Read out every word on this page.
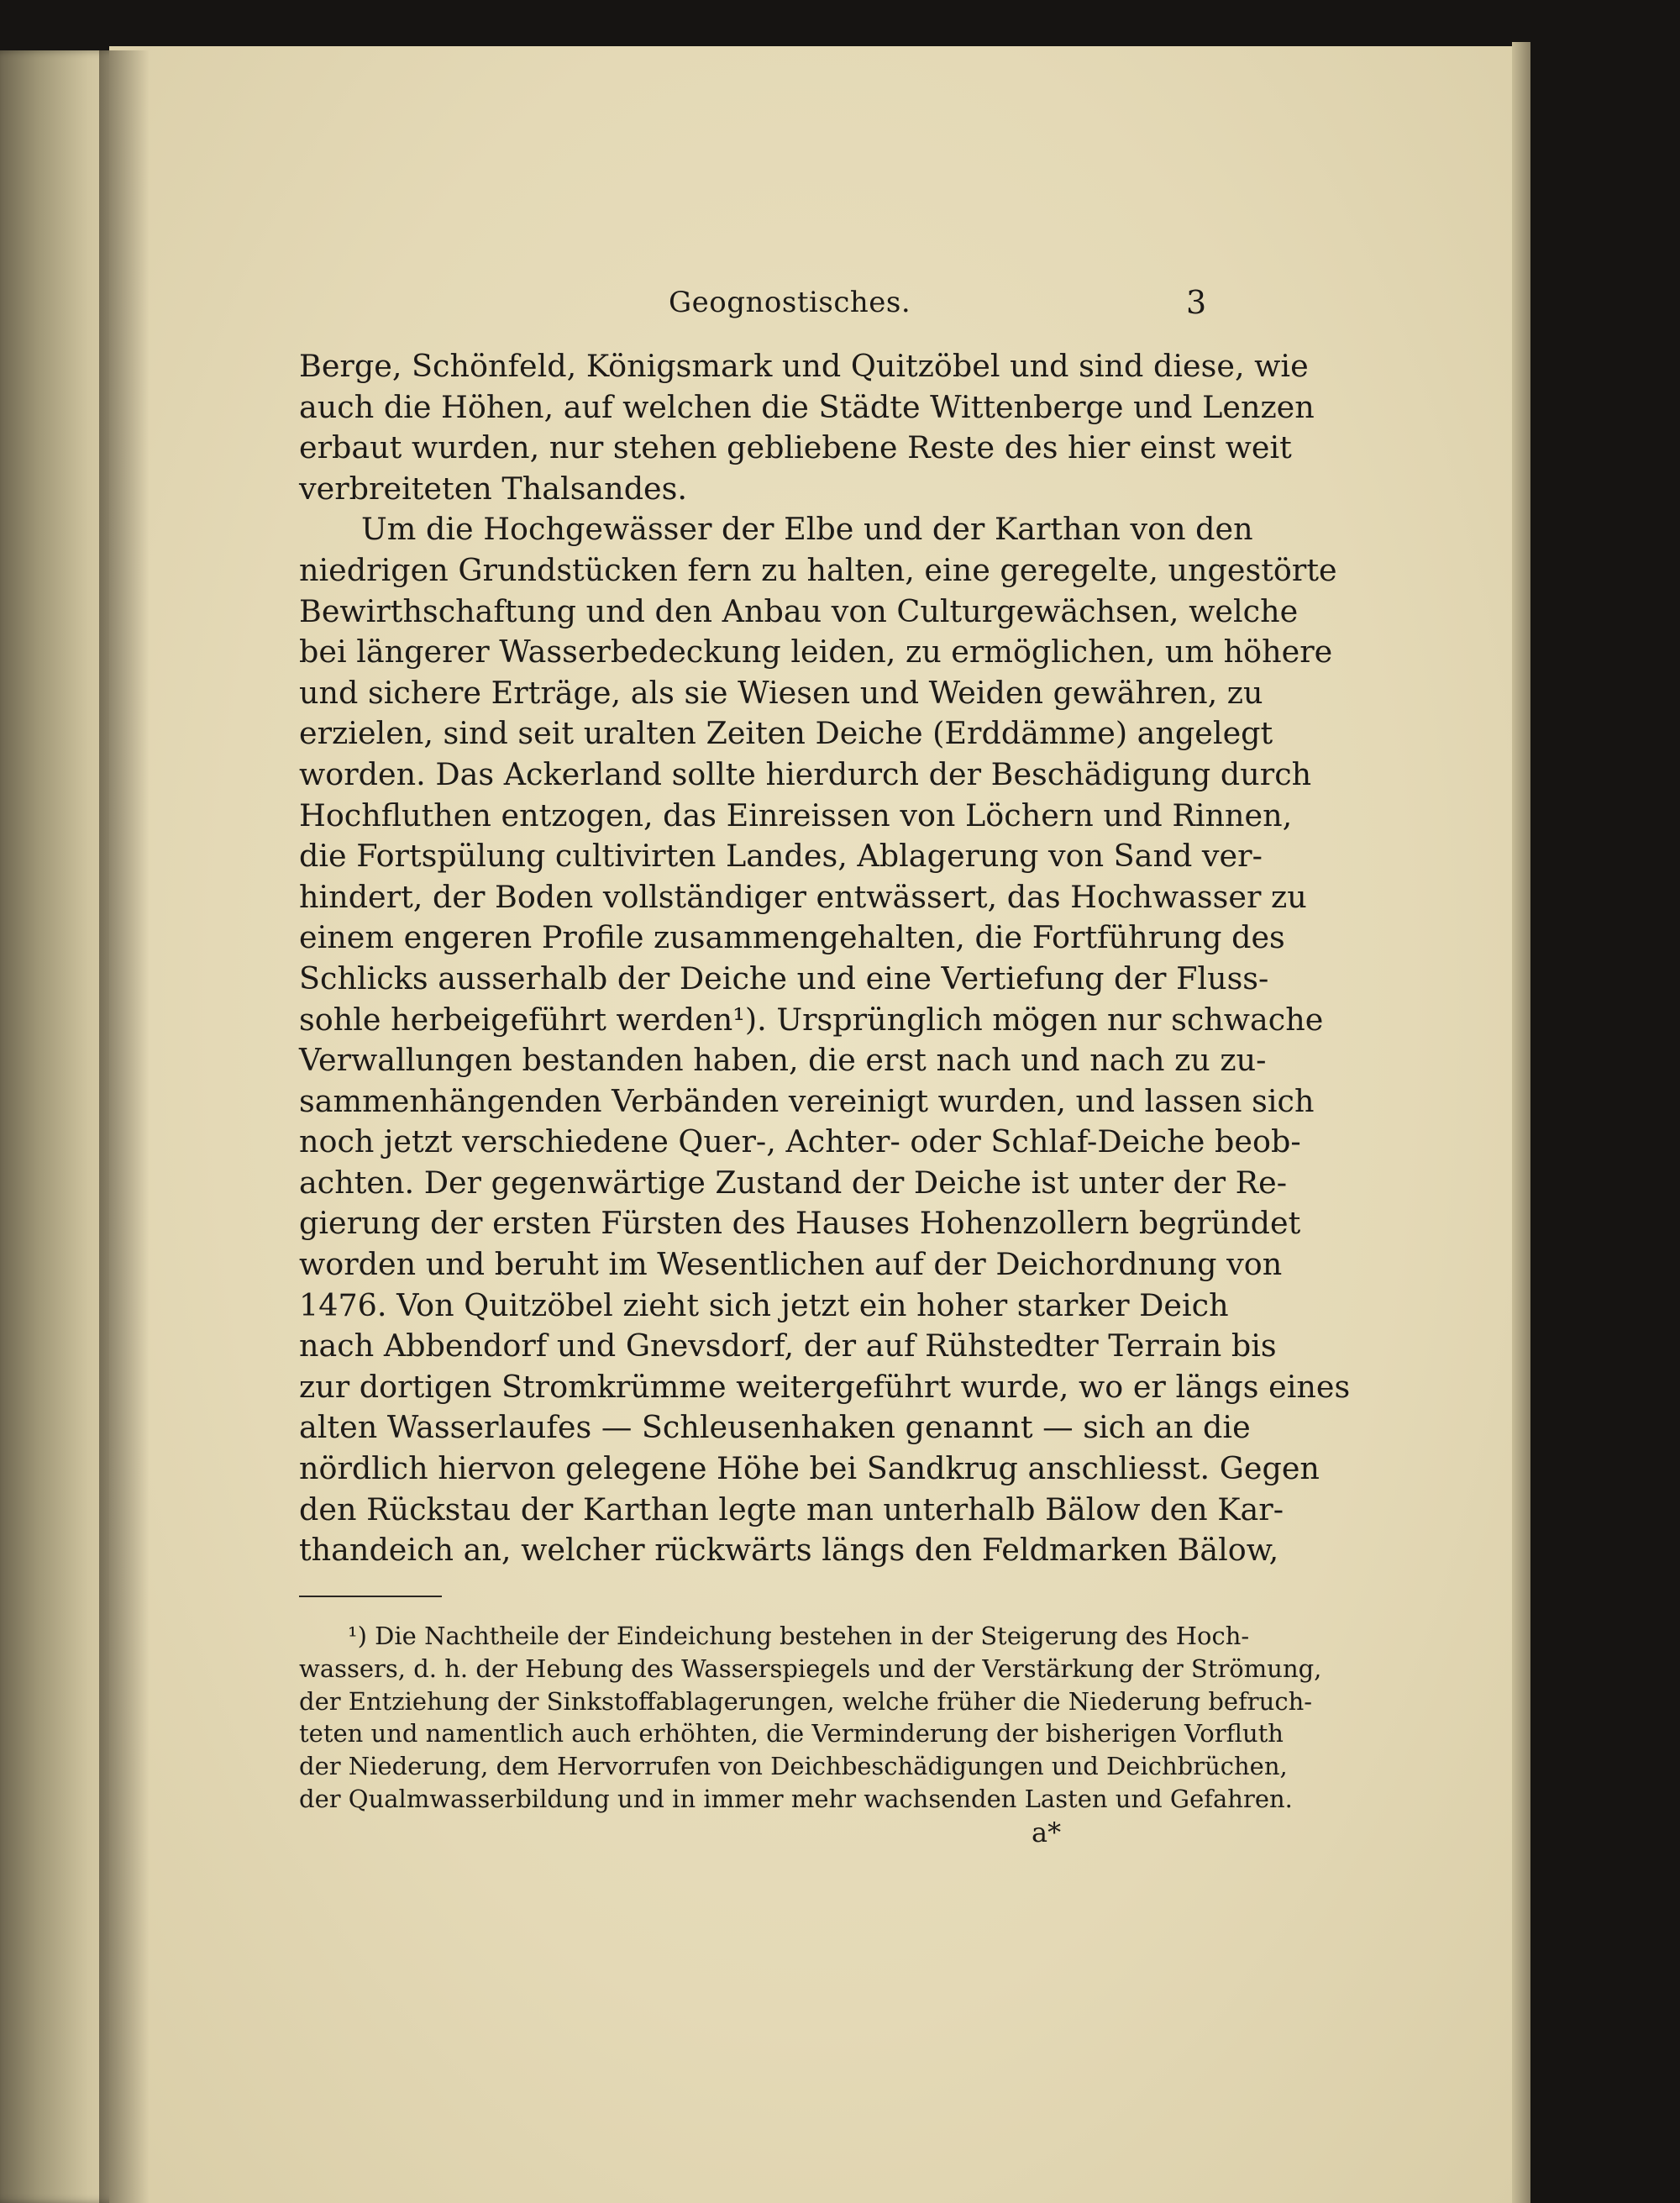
Geognostisches.	3
Berge, Schönfeld, Königsmark und Quitzöbel und sind diese, wie
auch die Höhen, auf welchen die Städte Wittenberge und Lenzen
erbaut wurden, nur stehen gebliebene Reste des hier einst weit
verbreiteten Thalsandes.
Um die Hochgewässer der Elbe und der Karthan von den
niedrigen Grundstücken fern zu halten, eine geregelte, ungestörte
Bewirthschaftung und den Anbau von Culturgewächsen, welche
bei längerer Wasserbedeckung leiden, zu ermöglichen, um höhere
und sichere Erträge, als sie Wiesen und Weiden gewähren, zu
erzielen, sind seit uralten Zeiten Deiche (Erddämme) angelegt
worden. Das Ackerland sollte hierdurch der Beschädigung durch
Hochfluthen entzogen, das Einreissen von Löchern und Rinnen,
die Fortspülung cultivirten Landes, Ablagerung von Sand ver-
hindert, der Boden vollständiger entwässert, das Hochwasser zu
einem engeren Profile zusammengehalten, die Fortführung des
Schlicks ausserhalb der Deiche und eine Vertiefung der Fluss-
sohle herbeigeführt werden¹). Ursprünglich mögen nur schwache
Verwallungen bestanden haben, die erst nach und nach zu zu-
sammenhängenden Verbänden vereinigt wurden, und lassen sich
noch jetzt verschiedene Quer-, Achter- oder Schlaf-Deiche beob-
achten. Der gegenwärtige Zustand der Deiche ist unter der Re-
gierung der ersten Fürsten des Hauses Hohenzollern begründet
worden und beruht im Wesentlichen auf der Deichordnung von
1476. Von Quitzöbel zieht sich jetzt ein hoher starker Deich
nach Abbendorf und Gnevsdorf, der auf Rühstedter Terrain bis
zur dortigen Stromkrümme weitergeführt wurde, wo er längs eines
alten Wasserlaufes — Schleusenhaken genannt — sich an die
nördlich hiervon gelegene Höhe bei Sandkrug anschliesst. Gegen
den Rückstau der Karthan legte man unterhalb Bälow den Kar-
thandeich an, welcher rückwärts längs den Feldmarken Bälow,
¹) Die Nachtheile der Eindeichung bestehen in der Steigerung des Hoch-
wassers, d. h. der Hebung des Wasserspiegels und der Verstärkung der Strömung,
der Entziehung der Sinkstoffablagerungen, welche früher die Niederung befruch-
teten und namentlich auch erhöhten, die Verminderung der bisherigen Vorfluth
der Niederung, dem Hervorrufen von Deichbeschädigungen und Deichbrüchen,
der Qualmwasserbildung und in immer mehr wachsenden Lasten und Gefahren.
a*
